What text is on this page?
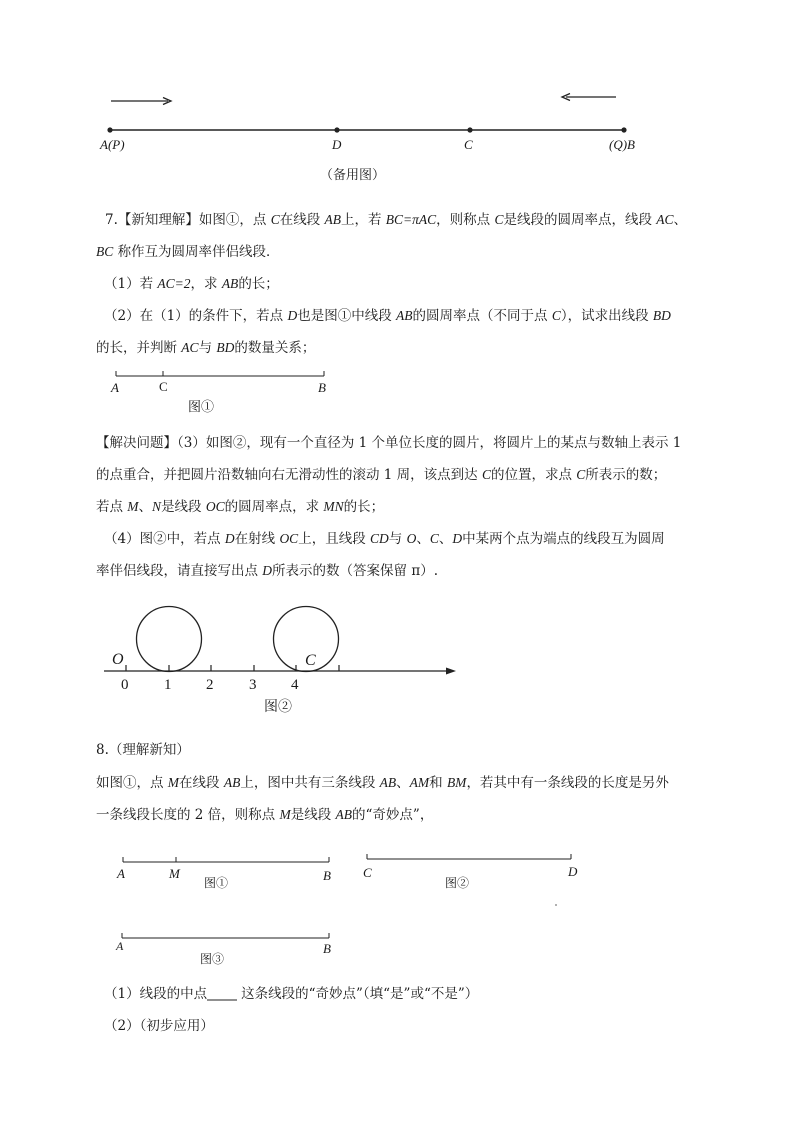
A(P)	D	C	(Q)B
（备用图）
7.【新知理解】如图①，点 C在线段 AB上，若 BC=πAC，则称点 C是线段的圆周率点，线段 AC、
BC 称作互为圆周率伴侣线段．
（1）若 AC=2，求 AB的长；
（2）在（1）的条件下，若点 D也是图①中线段 AB的圆周率点（不同于点 C），试求出线段 BD
的长，并判断 AC与 BD的数量关系；
A	C	B
图①
【解决问题】（3）如图②，现有一个直径为 1 个单位长度的圆片，将圆片上的某点与数轴上表示 1
的点重合，并把圆片沿数轴向右无滑动性的滚动 1 周，该点到达 C的位置，求点 C所表示的数；
若点 M、N是线段 OC的圆周率点，求 MN的长；
（4）图②中，若点 D在射线 OC上，且线段 CD与 O、C、D中某两个点为端点的线段互为圆周
率伴侣线段，请直接写出点 D所表示的数（答案保留 π）.
O	C
0 1 2 3 4
图②
8.（理解新知）
如图①，点 M在线段 AB上，图中共有三条线段 AB、AM和 BM，若其中有一条线段的长度是另外
一条线段长度的 2 倍，则称点 M是线段 AB的“奇妙点”，
A	M	B
图①
C	D
图②
A	B
图③
（1）线段的中点	这条线段的“奇妙点”（填“是”或“不是”）
（2）（初步应用）
